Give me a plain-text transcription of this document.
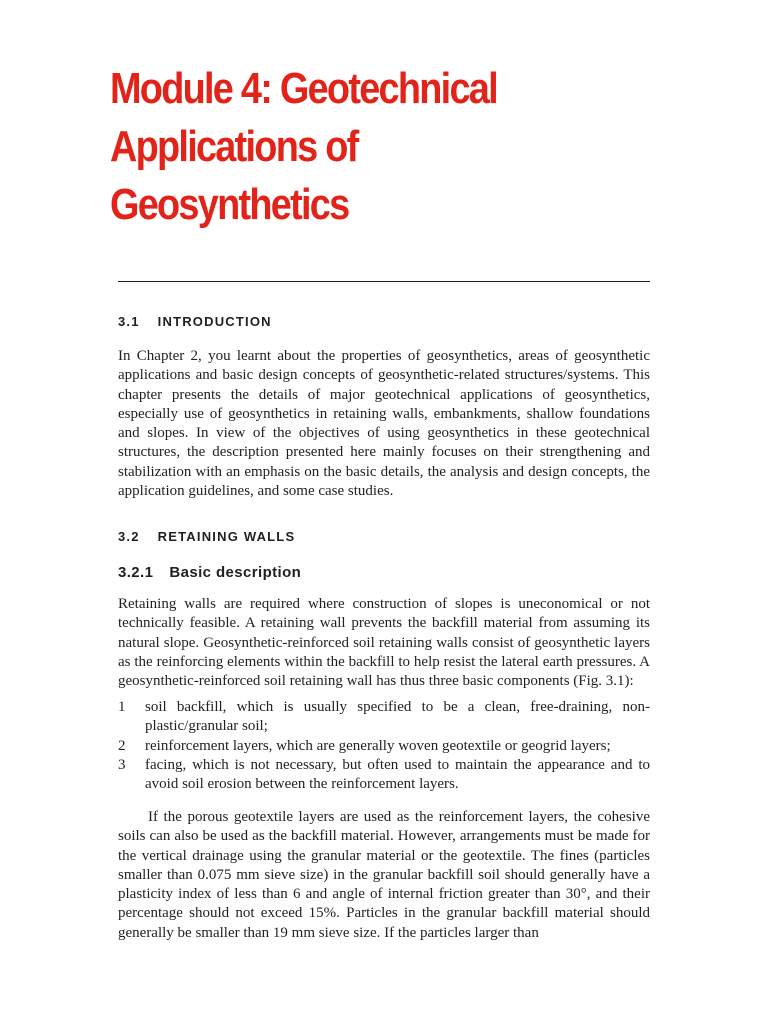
Module 4: Geotechnical Applications of Geosynthetics
3.1 INTRODUCTION

In Chapter 2, you learnt about the properties of geosynthetics, areas of geosynthetic applications and basic design concepts of geosynthetic-related structures/systems. This chapter presents the details of major geotechnical applications of geosynthetics, especially use of geosynthetics in retaining walls, embankments, shallow foundations and slopes. In view of the objectives of using geosynthetics in these geotechnical structures, the description presented here mainly focuses on their strengthening and stabilization with an emphasis on the basic details, the analysis and design concepts, the application guidelines, and some case studies.

3.2 RETAINING WALLS
3.2.1 Basic description

Retaining walls are required where construction of slopes is uneconomical or not technically feasible. A retaining wall prevents the backfill material from assuming its natural slope. Geosynthetic-reinforced soil retaining walls consist of geosynthetic layers as the reinforcing elements within the backfill to help resist the lateral earth pressures. A geosynthetic-reinforced soil retaining wall has thus three basic components (Fig. 3.1):

1	soil backfill, which is usually specified to be a clean, free-draining, non-plastic/granular soil;
2	reinforcement layers, which are generally woven geotextile or geogrid layers;
3	facing, which is not necessary, but often used to maintain the appearance and to avoid soil erosion between the reinforcement layers.

If the porous geotextile layers are used as the reinforcement layers, the cohesive soils can also be used as the backfill material. However, arrangements must be made for the vertical drainage using the granular material or the geotextile. The fines (particles smaller than 0.075 mm sieve size) in the granular backfill soil should generally have a plasticity index of less than 6 and angle of internal friction greater than 30°, and their percentage should not exceed 15%. Particles in the granular backfill material should generally be smaller than 19 mm sieve size. If the particles larger than
